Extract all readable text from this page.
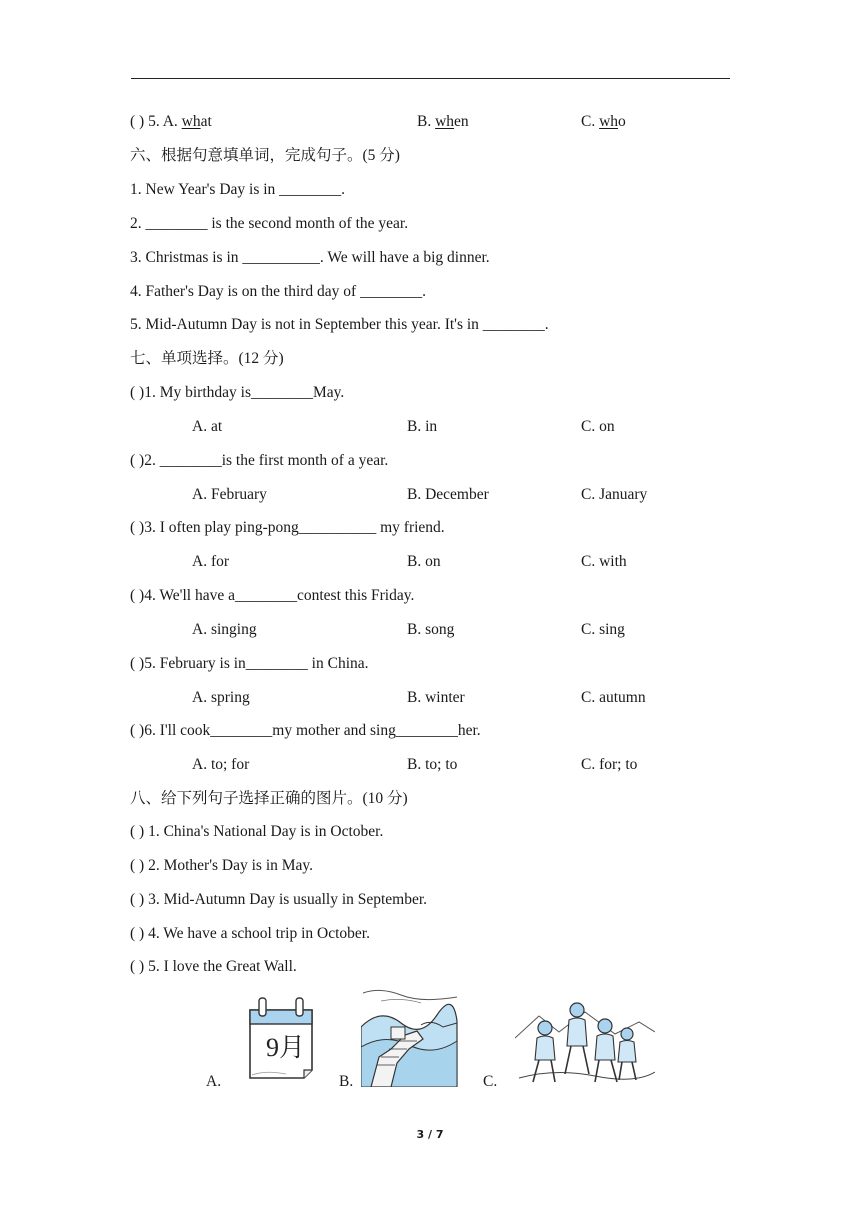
( ) 5. A. what	B. when	C. who
六、根据句意填单词，完成句子。(5 分)
1. New Year's Day is in ________.
2. ________ is the second month of the year.
3. Christmas is in __________. We will have a big dinner.
4. Father's Day is on the third day of ________.
5. Mid-Autumn Day is not in September this year. It's in ________.
七、单项选择。(12 分)
( )1. My birthday is________May.
A. at	B. in	C. on
( )2. ________is the first month of a year.
A. February	B. December	C. January
( )3. I often play ping-pong__________ my friend.
A. for	B. on	C. with
( )4. We'll have a________contest this Friday.
A. singing	B. song	C. sing
( )5. February is in________ in China.
A. spring	B. winter	C. autumn
( )6. I'll cook________my mother and sing________her.
A. to; for	B. to; to	C. for; to
八、给下列句子选择正确的图片。(10 分)
( ) 1. China's National Day is in October.
( ) 2. Mother's Day is in May.
( ) 3. Mid-Autumn Day is usually in September.
( ) 4. We have a school trip in October.
( ) 5. I love the Great Wall.
A.
9月
B.	C.
3 / 7
